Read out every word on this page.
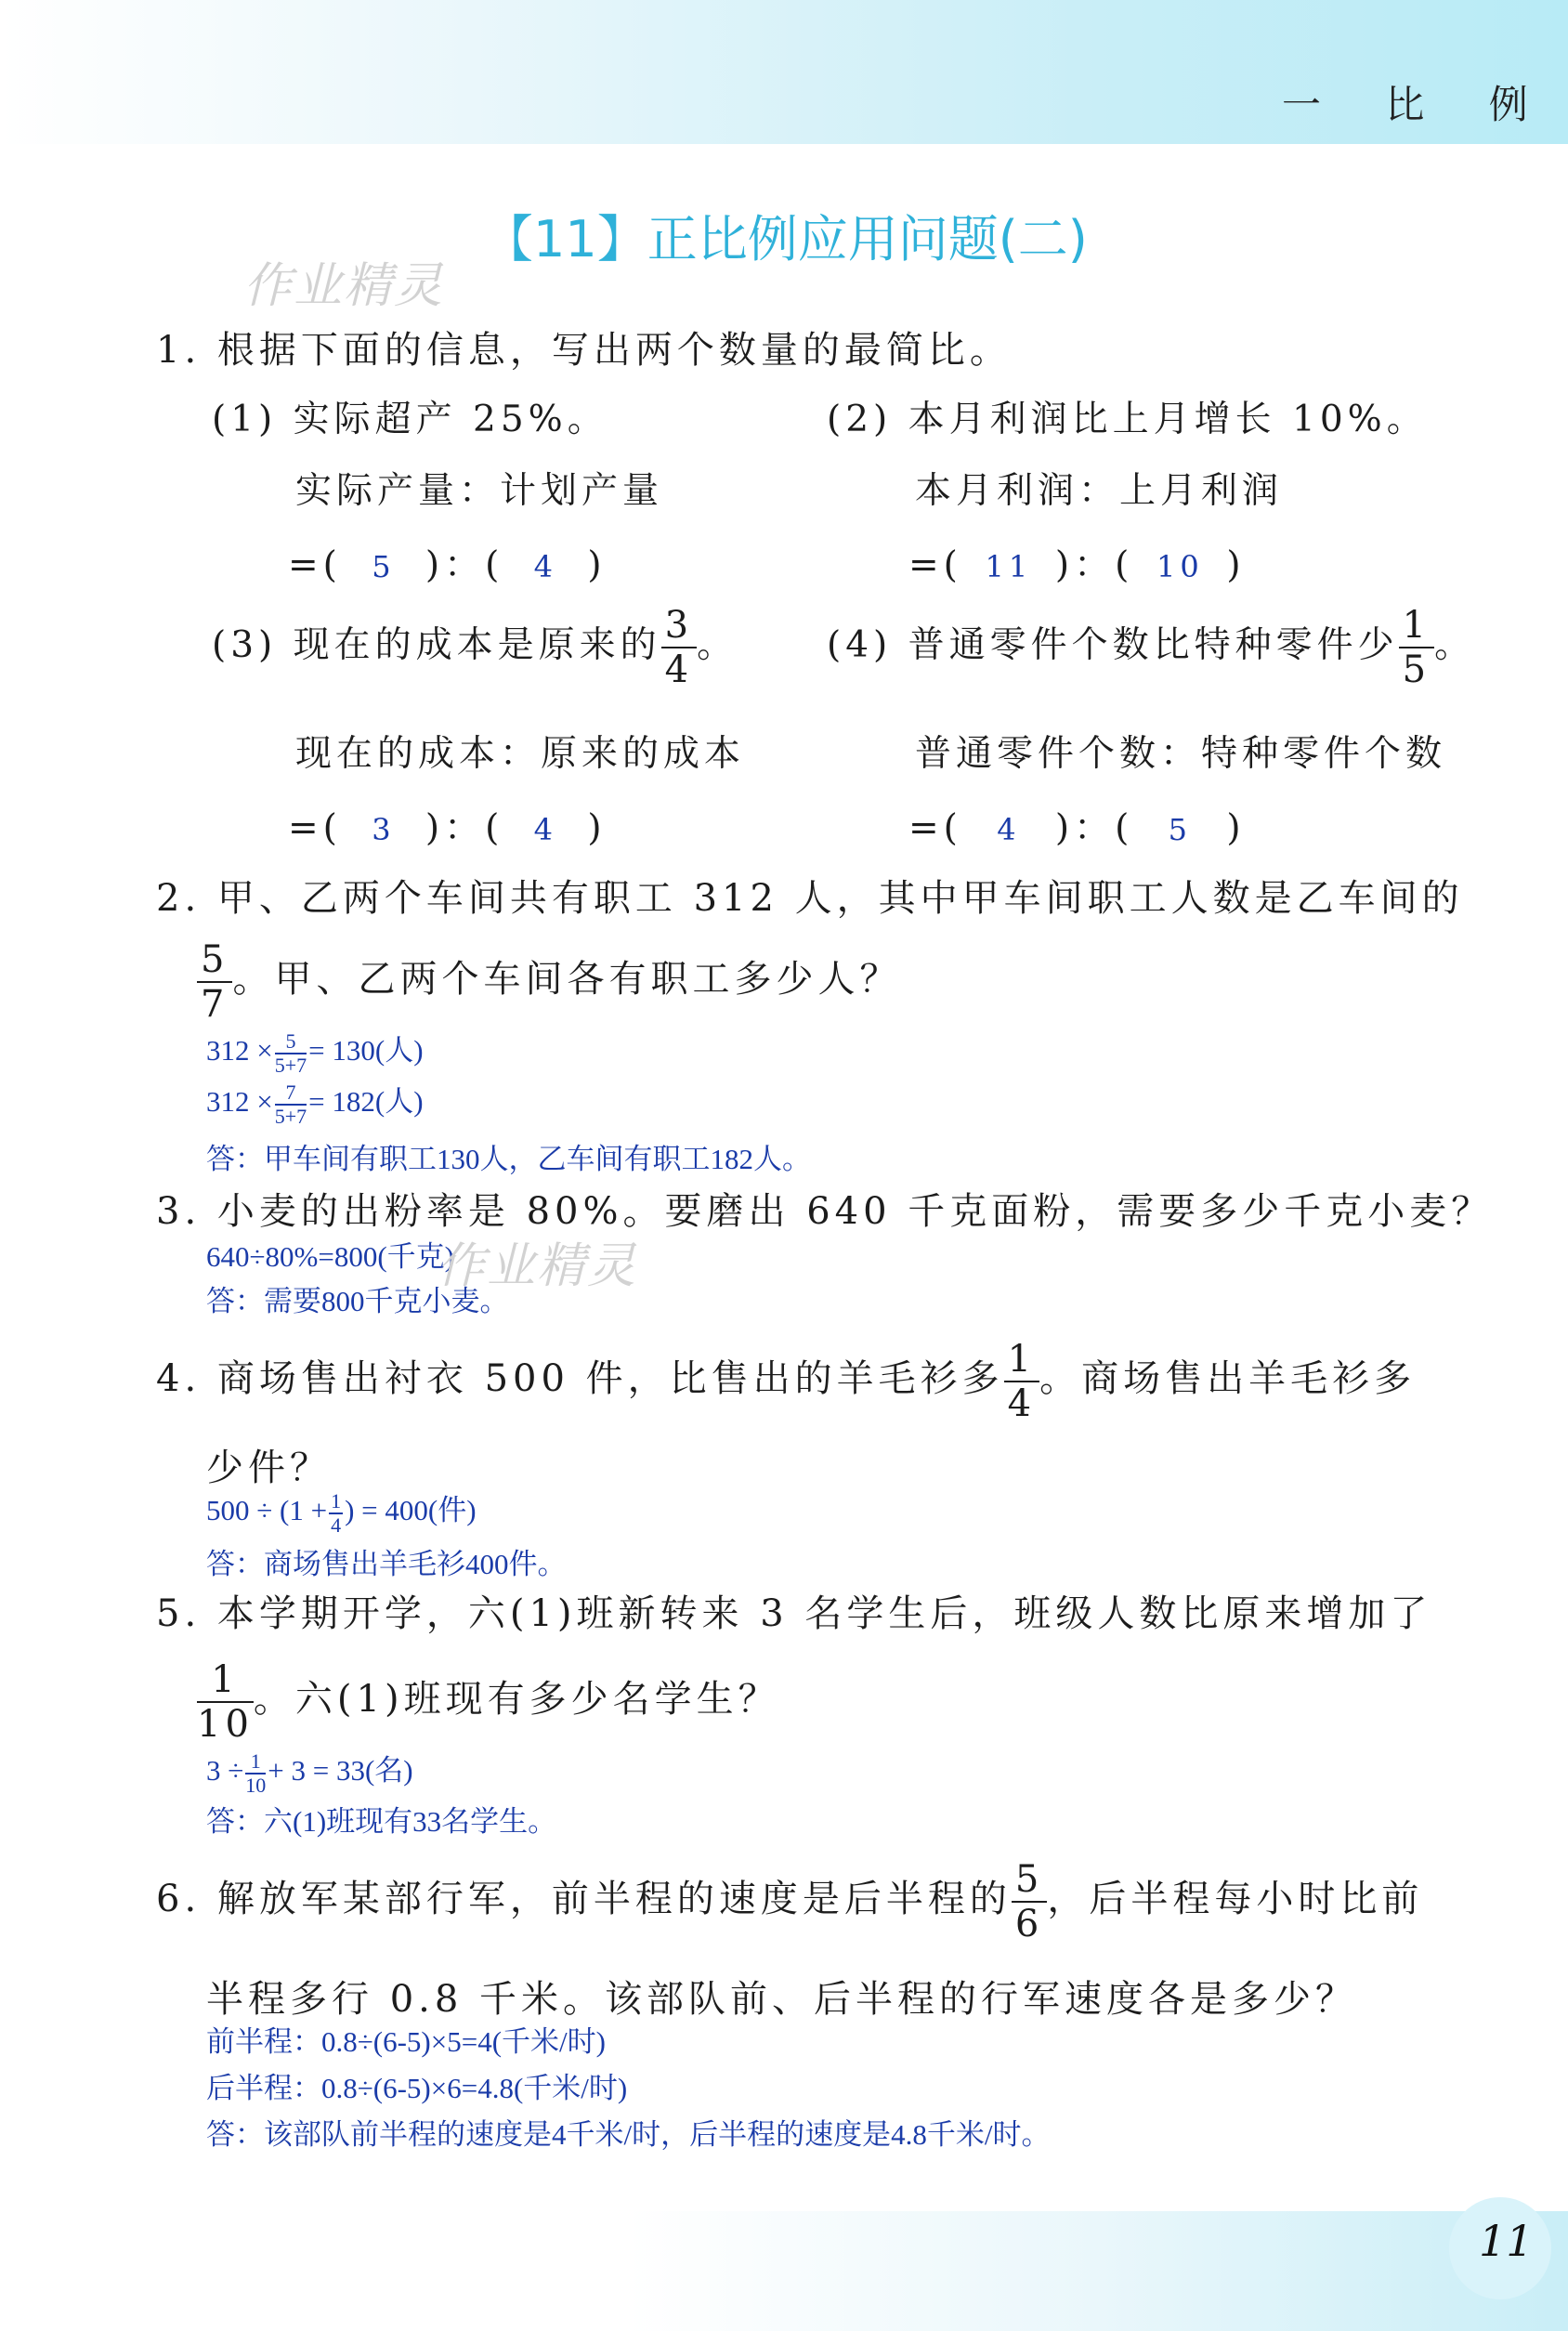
一 比 例
【11】正比例应用问题(二)
作业精灵
1. 根据下面的信息，写出两个数量的最简比。
(1) 实际超产 25%。
实际产量：计划产量
=( 5 )：( 4 )
(2) 本月利润比上月增长 10%。
本月利润：上月利润
=( 11 )：( 10 )
(3) 现在的成本是原来的 $\frac{3}{4}$ 。
现在的成本：原来的成本
=( 3 )：( 4 )
(4) 普通零件个数比特种零件少 $\frac{1}{5}$ 。
普通零件个数：特种零件个数
=( 4 )：( 5 )
2. 甲、乙两个车间共有职工 312 人，其中甲车间职工人数是乙车间的
$\frac{5}{7}$ 。甲、乙两个车间各有职工多少人？
$312 \times \frac{5}{5+7} = 130$(人)
$312 \times \frac{7}{5+7} = 182$(人)
答：甲车间有职工130人，乙车间有职工182人。
3. 小麦的出粉率是 80%。要磨出 640 千克面粉，需要多少千克小麦？
640÷80%=800(千克)
答：需要800千克小麦。
作业精灵
4. 商场售出衬衣 500 件，比售出的羊毛衫多 $\frac{1}{4}$ 。商场售出羊毛衫多
少件？
$500 \div (1 + \frac{1}{4}$ ) = 400(件)
答：商场售出羊毛衫400件。
5. 本学期开学，六(1)班新转来 3 名学生后，班级人数比原来增加了
$\frac{1}{10}$ 。六(1)班现有多少名学生？
$3 \div \frac{1}{10} + 3 = 33$(名)
答：六(1)班现有33名学生。
6. 解放军某部行军，前半程的速度是后半程的 $\frac{5}{6}$ ，后半程每小时比前
半程多行 0.8 千米。该部队前、后半程的行军速度各是多少？
前半程：0.8÷(6-5)×5=4(千米/时)
后半程：0.8÷(6-5)×6=4.8(千米/时)
答：该部队前半程的速度是4千米/时，后半程的速度是4.8千米/时。
11
